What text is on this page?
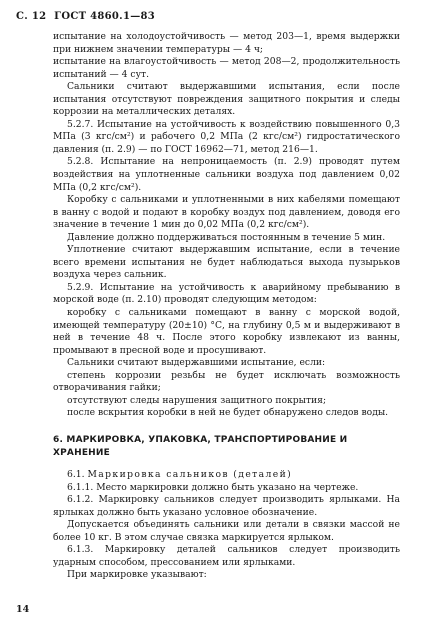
С. 12 ГОСТ 4860.1—83

испытание на холодоустойчивость — метод 203—1, время выдержки при нижнем значении температуры — 4 ч;

испытание на влагоустойчивость — метод 208—2, продолжительность испытаний — 4 сут.

Сальники считают выдержавшими испытания, если после испытания отсутствуют повреждения защитного покрытия и следы коррозии на металлических деталях.

5.2.7. Испытание на устойчивость к воздействию повышенного 0,3 МПа (3 кгс/см²) и рабочего 0,2 МПа (2 кгс/см²) гидростатического давления (п. 2.9) — по ГОСТ 16962—71, метод 216—1.

5.2.8. Испытание на непроницаемость (п. 2.9) проводят путем воздействия на уплотненные сальники воздуха под давлением 0,02 МПа (0,2 кгс/см²).

Коробку с сальниками и уплотненными в них кабелями помещают в ванну с водой и подают в коробку воздух под давлением, доводя его значение в течение 1 мин до 0,02 МПа (0,2 кгс/см²).

Давление должно поддерживаться постоянным в течение 5 мин.

Уплотнение считают выдержавшим испытание, если в течение всего времени испытания не будет наблюдаться выхода пузырьков воздуха через сальник.

5.2.9. Испытание на устойчивость к аварийному пребыванию в морской воде (п. 2.10) проводят следующим методом:

коробку с сальниками помещают в ванну с морской водой, имеющей температуру (20±10) °С, на глубину 0,5 м и выдерживают в ней в течение 48 ч. После этого коробку извлекают из ванны, промывают в пресной воде и просушивают.

Сальники считают выдержавшими испытание, если:

степень коррозии резьбы не будет исключать возможность отворачивания гайки;

отсутствуют следы нарушения защитного покрытия;

после вскрытия коробки в ней не будет обнаружено следов воды.

6. МАРКИРОВКА, УПАКОВКА, ТРАНСПОРТИРОВАНИЕ И ХРАНЕНИЕ

6.1. Маркировка сальников (деталей)

6.1.1. Место маркировки должно быть указано на чертеже.

6.1.2. Маркировку сальников следует производить ярлыками. На ярлыках должно быть указано условное обозначение.

Допускается объединять сальники или детали в связки массой не более 10 кг. В этом случае связка маркируется ярлыком.

6.1.3. Маркировку деталей сальников следует производить ударным способом, прессованием или ярлыками.

При маркировке указывают:

14
